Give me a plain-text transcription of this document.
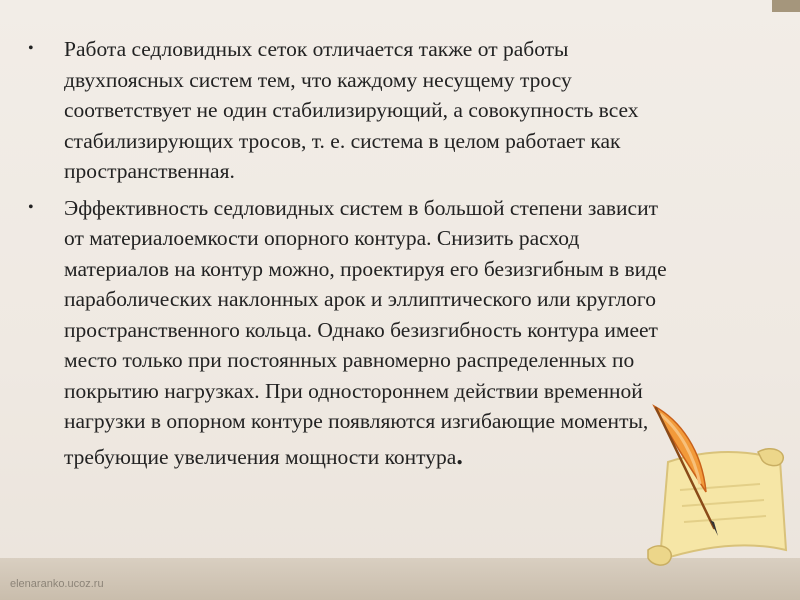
• Работа седловидных сеток отличается также от работы
двухпоясных систем тем, что каждому несущему тросу
соответствует не один стабилизирующий, а совокупность всех
стабилизирующих тросов, т. е. система в целом работает как
пространственная.
• Эффективность седловидных систем в большой степени зависит
от материалоемкости опорного контура. Снизить расход
материалов на контур можно, проектируя его безизгибным в виде
параболических наклонных арок и эллиптического или круглого
пространственного кольца. Однако безизгибность контура имеет
место только при постоянных равномерно распределенных по
покрытию нагрузках. При одностороннем действии временной
нагрузки в опорном контуре появляются изгибающие моменты,
требующие увеличения мощности контура.
elenaranko.ucoz.ru
